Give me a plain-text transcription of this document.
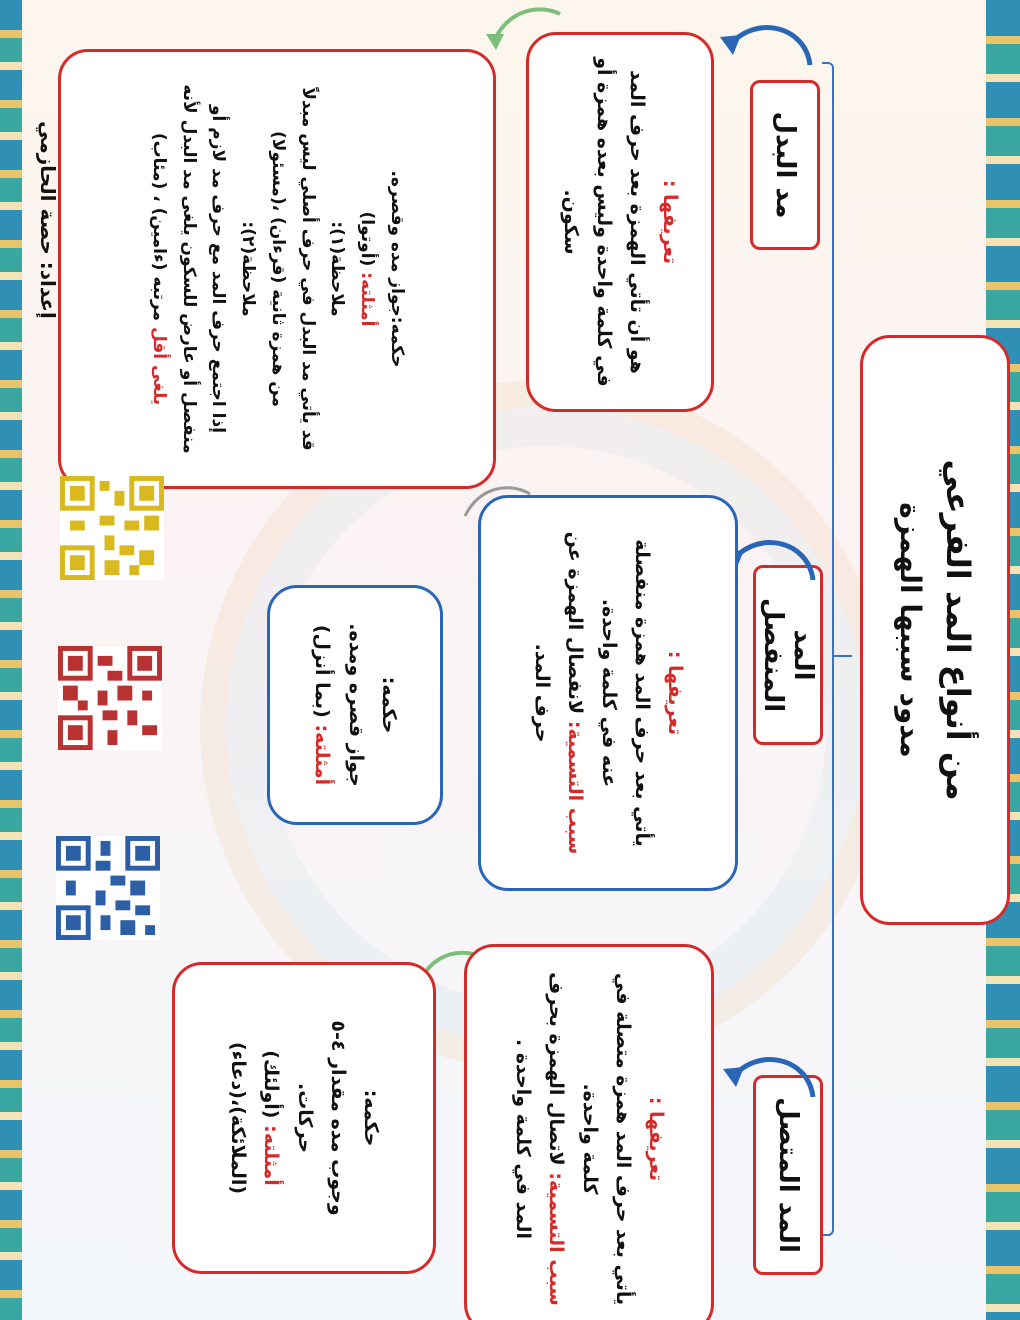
من أنواع المد الفرعي
مدود سببها الهمزة
مد البدل
المد المنفصل
المد المتصل

تعريفها :

هو أن تأتي الهمزة بعد حرف المد في كلمة واحدة وليس بعده همزة أو سكون.

حكمه:جواز مده وقصره.

أمثلته: (أوتوا)

ملاحظة(١):

قد يأتي مد البدل في حرف أصلي ليس مبدلاً من همزة ثانية (قرءان) ،(مسئولا)

ملاحظة(٢):

إذا اجتمع حرف المد مع حرف مد لازم أو منفصل أو عارض للسكون يلغى مد البدل لأنه يلغى أقل مرتبه (ءامين) ، (مئاب)

تعريفها :

يأتي بعد حرف المد همزة منفصلة عنه في كلمة واحدة.

سبب التسمية: لانفصال الهمزة عن حرف المد.

حكمه:

جواز قصره ومده.

أمثلته: (بما أنزل)

تعريفها :

يأتي بعد حرف المد همزة متصلة في كلمة واحدة.

سبب التسمية: لاتصال الهمزة بحرف المد في كلمة واحدة .

حكمه:

وجوب مده مقدار ٤-٥ حركات.

أمثلته: (أولئك)

(الملائكة)،(دعاء)

إعداد: حصة الحازمي
